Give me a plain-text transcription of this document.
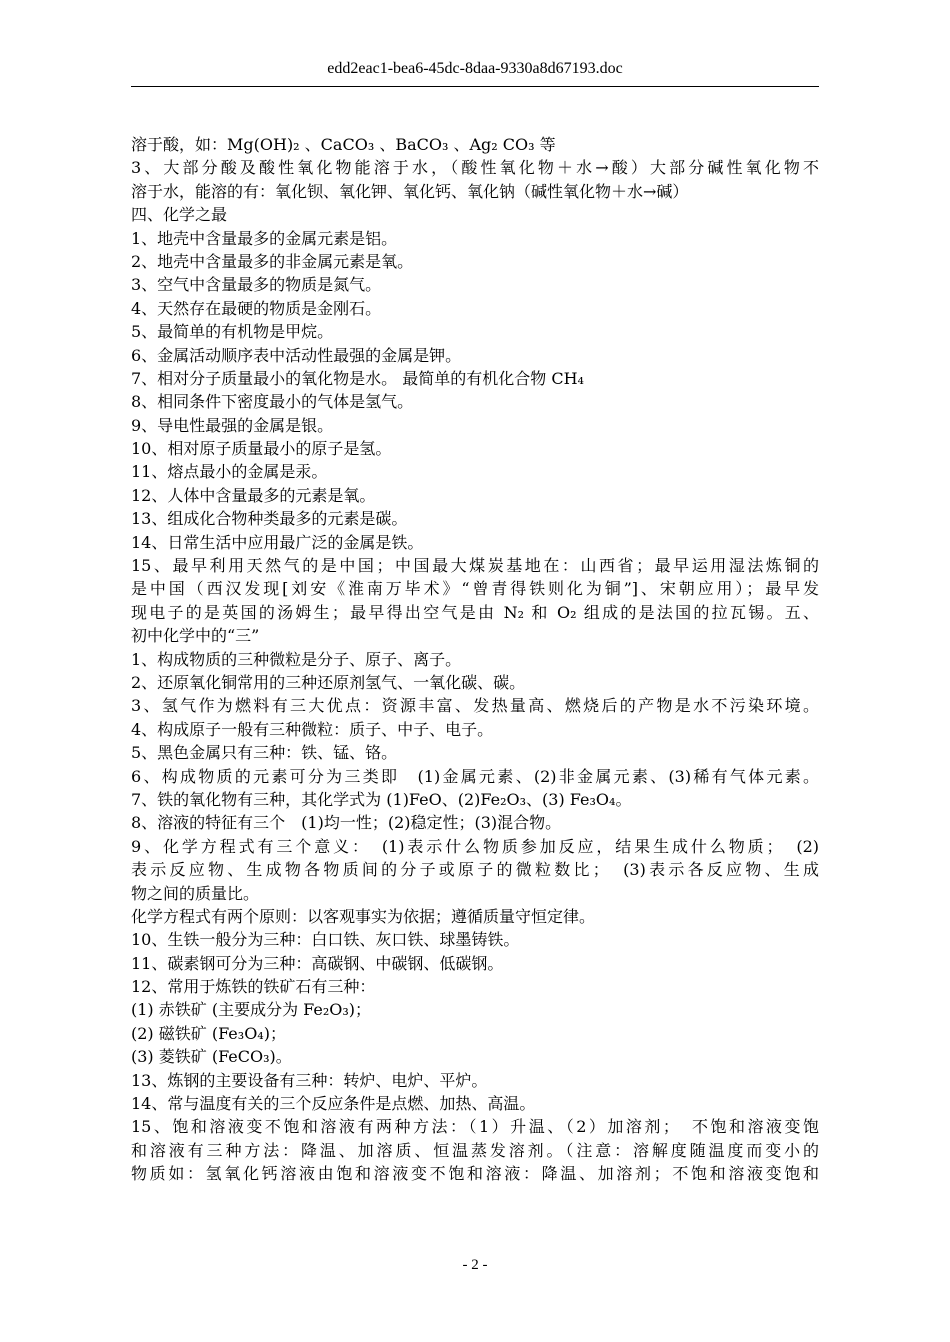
edd2eac1-bea6-45dc-8daa-9330a8d67193.doc
溶于酸，如：Mg(OH)₂ 、CaCO₃ 、BaCO₃ 、Ag₂ CO₃ 等
3、大部分酸及酸性氧化物能溶于水，（酸性氧化物＋水→酸）大部分碱性氧化物不
溶于水，能溶的有：氧化钡、氧化钾、氧化钙、氧化钠（碱性氧化物＋水→碱）
四、化学之最
1、地壳中含量最多的金属元素是铝。
2、地壳中含量最多的非金属元素是氧。
3、空气中含量最多的物质是氮气。
4、天然存在最硬的物质是金刚石。
5、最简单的有机物是甲烷。
6、金属活动顺序表中活动性最强的金属是钾。
7、相对分子质量最小的氧化物是水。 最简单的有机化合物 CH₄
8、相同条件下密度最小的气体是氢气。
9、导电性最强的金属是银。
10、相对原子质量最小的原子是氢。
11、熔点最小的金属是汞。
12、人体中含量最多的元素是氧。
13、组成化合物种类最多的元素是碳。
14、日常生活中应用最广泛的金属是铁。
15、最早利用天然气的是中国；中国最大煤炭基地在：山西省；最早运用湿法炼铜的
是中国（西汉发现[刘安《淮南万毕术》“曾青得铁则化为铜”]、宋朝应用）；最早发
现电子的是英国的汤姆生；最早得出空气是由 N₂ 和 O₂ 组成的是法国的拉瓦锡。五、
初中化学中的“三”
1、构成物质的三种微粒是分子、原子、离子。
2、还原氧化铜常用的三种还原剂氢气、一氧化碳、碳。
3、氢气作为燃料有三大优点：资源丰富、发热量高、燃烧后的产物是水不污染环境。
4、构成原子一般有三种微粒：质子、中子、电子。
5、黑色金属只有三种：铁、锰、铬。
6、构成物质的元素可分为三类即　(1)金属元素、(2)非金属元素、(3)稀有气体元素。
7、铁的氧化物有三种，其化学式为 (1)FeO、(2)Fe₂O₃、(3) Fe₃O₄。
8、溶液的特征有三个　(1)均一性；(2)稳定性；(3)混合物。
9、化学方程式有三个意义：　(1)表示什么物质参加反应，结果生成什么物质；　(2)
表示反应物、生成物各物质间的分子或原子的微粒数比；　(3)表示各反应物、生成
物之间的质量比。
化学方程式有两个原则：以客观事实为依据；遵循质量守恒定律。
10、生铁一般分为三种：白口铁、灰口铁、球墨铸铁。
11、碳素钢可分为三种：高碳钢、中碳钢、低碳钢。
12、常用于炼铁的铁矿石有三种：
(1) 赤铁矿 (主要成分为 Fe₂O₃)；
(2) 磁铁矿 (Fe₃O₄)；
(3) 菱铁矿 (FeCO₃)。
13、炼钢的主要设备有三种：转炉、电炉、平炉。
14、常与温度有关的三个反应条件是点燃、加热、高温。
15、饱和溶液变不饱和溶液有两种方法：（1）升温、（2）加溶剂；　不饱和溶液变饱
和溶液有三种方法：降温、加溶质、恒温蒸发溶剂。（注意：溶解度随温度而变小的
物质如：氢氧化钙溶液由饱和溶液变不饱和溶液：降温、加溶剂；不饱和溶液变饱和
- 2 -
